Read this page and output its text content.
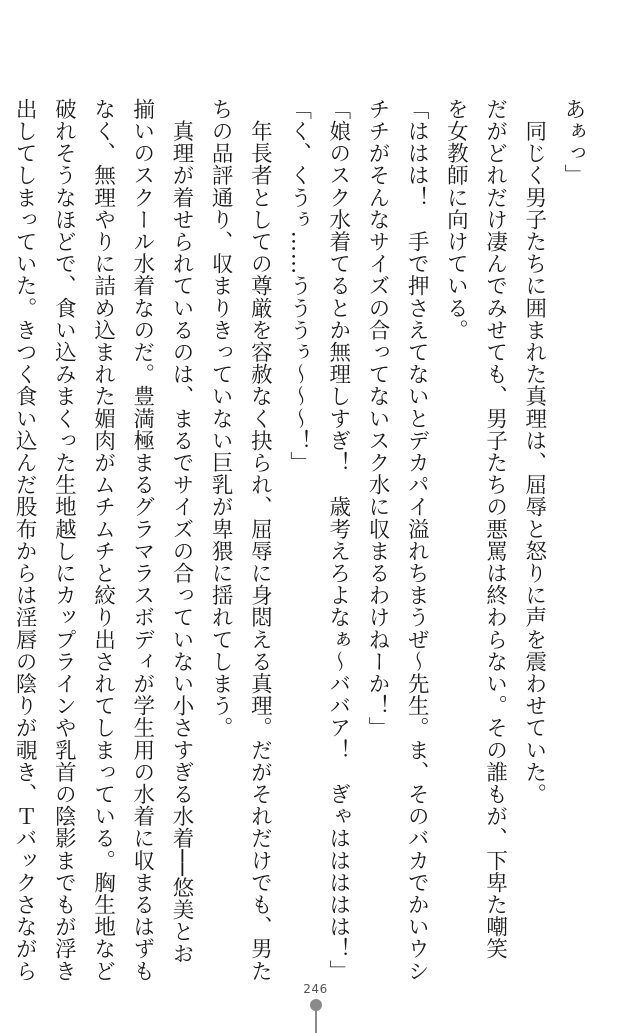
あぁっ」
　同じく男子たちに囲まれた真理は、屈辱と怒りに声を震わせていた。
だがどれだけ凄んでみせても、男子たちの悪罵は終わらない。その誰もが、下卑た嘲笑
を女教師に向けている。
「ははは！　手で押さえてないとデカパイ溢れちまうぜ～先生。ま、そのバカでかいウシ
チチがそんなサイズの合ってないスク水に収まるわけねーか！」
「娘のスク水着てるとか無理しすぎ！　歳考えろよなぁ～ババア！　ぎゃははははは！」
「く、くうぅ……うううぅ～～～！」
　年長者としての尊厳を容赦なく抉られ、屈辱に身悶える真理。だがそれだけでも、男た
ちの品評通り、収まりきっていない巨乳が卑猥に揺れてしまう。
　真理が着せられているのは、まるでサイズの合っていない小さすぎる水着──悠美とお
揃いのスクール水着なのだ。豊満極まるグラマラスボディが学生用の水着に収まるはずも
なく、無理やりに詰め込まれた媚肉がムチムチと絞り出されてしまっている。胸生地など
破れそうなほどで、食い込みまくった生地越しにカップラインや乳首の陰影までもが浮き
出してしまっていた。きつく食い込んだ股布からは淫唇の陰りが覗き、Ｔバックさながら
246
